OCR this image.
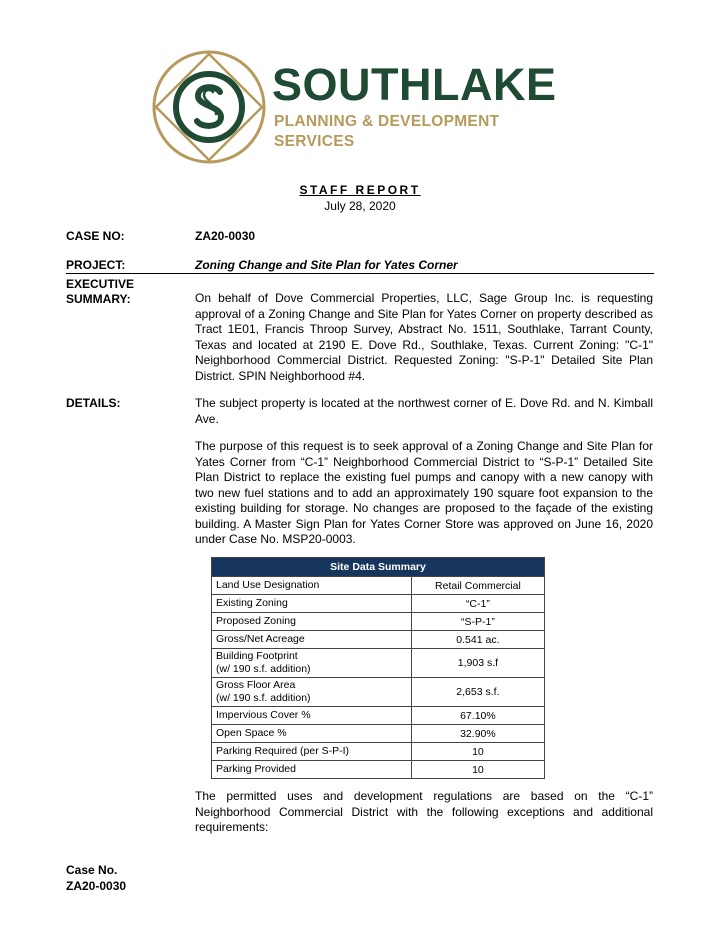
SOUTHLAKE
PLANNING & DEVELOPMENT
SERVICES
STAFF REPORT
July 28, 2020
CASE NO:	ZA20-0030
PROJECT:	Zoning Change and Site Plan for Yates Corner
EXECUTIVE
SUMMARY:	On behalf of Dove Commercial Properties, LLC, Sage Group Inc. is requesting approval of a Zoning Change and Site Plan for Yates Corner on property described as Tract 1E01, Francis Throop Survey, Abstract No. 1511, Southlake, Tarrant County, Texas and located at 2190 E. Dove Rd., Southlake, Texas. Current Zoning: "C-1" Neighborhood Commercial District. Requested Zoning: "S-P-1" Detailed Site Plan District. SPIN Neighborhood #4.
DETAILS:	The subject property is located at the northwest corner of E. Dove Rd. and N. Kimball Ave.
The purpose of this request is to seek approval of a Zoning Change and Site Plan for Yates Corner from “C-1” Neighborhood Commercial District to “S-P-1” Detailed Site Plan District to replace the existing fuel pumps and canopy with a new canopy with two new fuel stations and to add an approximately 190 square foot expansion to the existing building for storage. No changes are proposed to the façade of the existing building. A Master Sign Plan for Yates Corner Store was approved on June 16, 2020 under Case No. MSP20-0003.
Site Data Summary	
Land Use Designation	Retail Commercial
Existing Zoning	“C-1”
Proposed Zoning	“S-P-1”
Gross/Net Acreage	0.541 ac.

Building Footprint
(w/ 190 s.f. addition)	1,903 s.f

Gross Floor Area
(w/ 190 s.f. addition)	2,653 s.f.
Impervious Cover %	67.10%
Open Space %	32.90%
Parking Required (per S-P-I)	10
Parking Provided	10
The permitted uses and development regulations are based on the “C-1” Neighborhood Commercial District with the following exceptions and additional requirements:
Case No.
ZA20-0030
